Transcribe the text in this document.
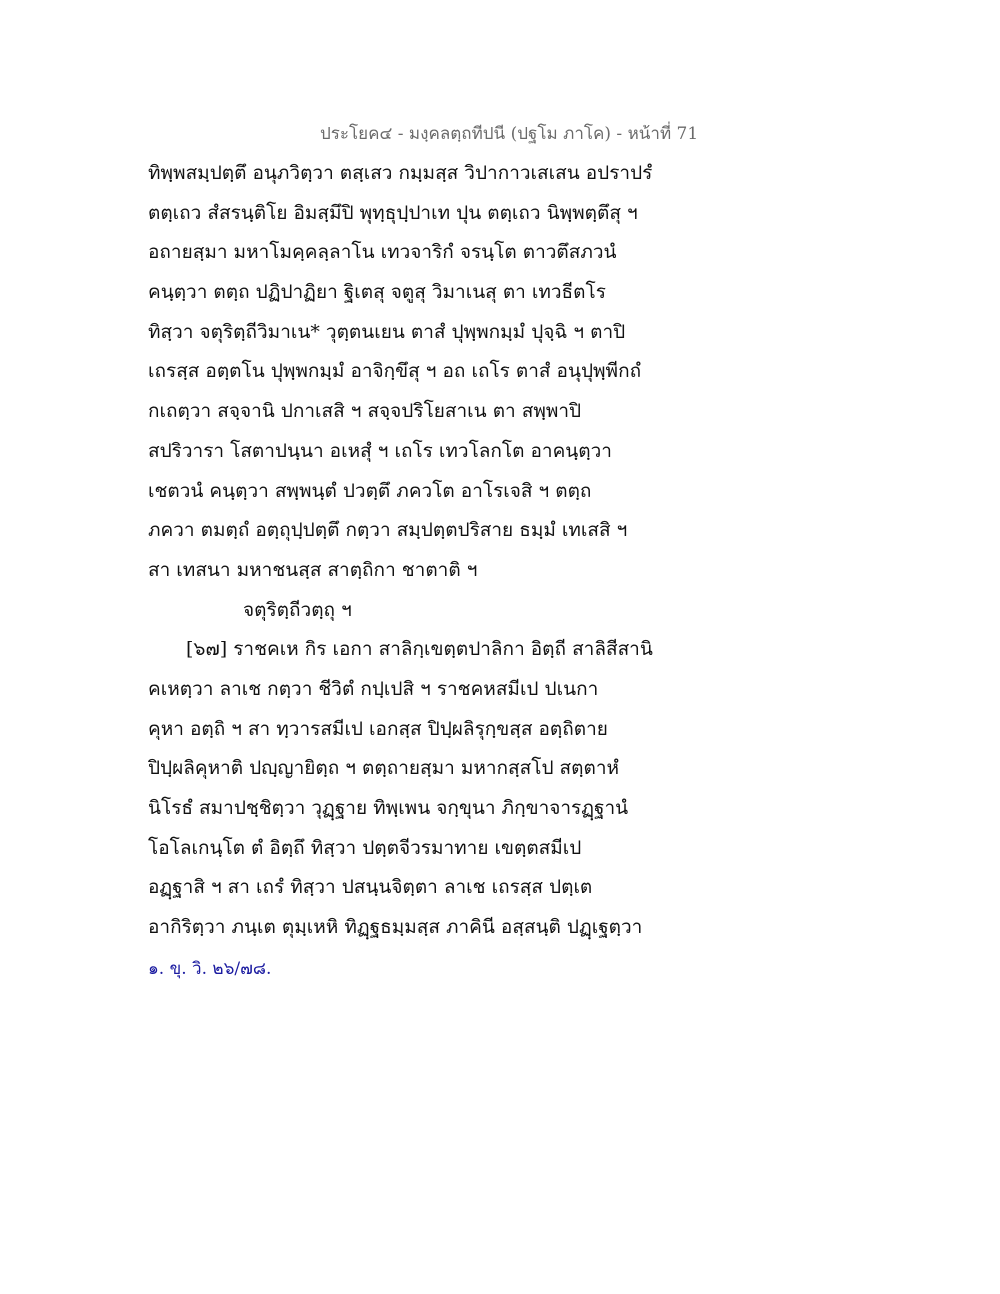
ประโยค๔ - มงฺคลตฺถทีปนี (ปฐโม ภาโค) - หน้าที่ 71
ทิพฺพสมฺปตฺตึ อนุภวิตฺวา ตสฺเสว กมฺมสฺส วิปากาวเสเสน อปราปรํ
ตตฺเถว สํสรนฺติโย อิมสฺมึปิ พุทฺธุปฺปาเท ปุน ตตฺเถว นิพฺพตฺตึสุ ฯ
อถายสฺมา มหาโมคฺคลฺลาโน เทวจาริกํ จรนฺโต ตาวตึสภวนํ
คนฺตฺวา ตตฺถ ปฏิปาฏิยา ฐิเตสุ จตูสุ วิมาเนสุ ตา เทวธีตโร
ทิสฺวา จตุริตฺถีวิมาเน* วุตฺตนเยน ตาสํ ปุพฺพกมฺมํ ปุจฺฉิ ฯ ตาปิ
เถรสฺส อตฺตโน ปุพฺพกมฺมํ อาจิกฺขึสุ ฯ อถ เถโร ตาสํ อนุปุพฺพีกถํ
กเถตฺวา สจฺจานิ ปกาเสสิ ฯ สจฺจปริโยสาเน ตา สพฺพาปิ
สปริวารา โสตาปนฺนา อเหสุํ ฯ เถโร เทวโลกโต อาคนฺตฺวา
เชตวนํ คนฺตฺวา สพฺพนฺตํ ปวตฺตึ ภควโต อาโรเจสิ ฯ ตตฺถ
ภควา ตมตฺถํ อตฺถุปฺปตฺตึ กตฺวา สมฺปตฺตปริสาย ธมฺมํ เทเสสิ ฯ
สา เทสนา มหาชนสฺส สาตฺถิกา ชาตาติ ฯ
จตุริตฺถีวตฺถุ ฯ
[๖๗] ราชคเห กิร เอกา สาลิกฺเขตฺตปาลิกา อิตฺถี สาลิสีสานิ
คเหตฺวา ลาเช กตฺวา ชีวิตํ กปฺเปสิ ฯ ราชคหสมีเป ปเนกา
คุหา อตฺถิ ฯ สา ทฺวารสมีเป เอกสฺส ปิปฺผลิรุกฺขสฺส อตฺถิตาย
ปิปฺผลิคุหาติ ปญฺญายิตฺถ ฯ ตตฺถายสฺมา มหากสฺสโป สตฺตาหํ
นิโรธํ สมาปชฺชิตฺวา วุฏฺฐาย ทิพฺเพน จกฺขุนา ภิกฺขาจารฏฺฐานํ
โอโลเกนฺโต ตํ อิตฺถึ ทิสฺวา ปตฺตจีวรมาทาย เขตฺตสมีเป
อฏฺฐาสิ ฯ สา เถรํ ทิสฺวา ปสนฺนจิตฺตา ลาเช เถรสฺส ปตฺเต
อากิริตฺวา ภนฺเต ตุมฺเหหิ ทิฏฺฐธมฺมสฺส ภาคินี อสฺสนฺติ ปฏฺเฐตฺวา
๑. ขุ. วิ. ๒๖/๗๘.
